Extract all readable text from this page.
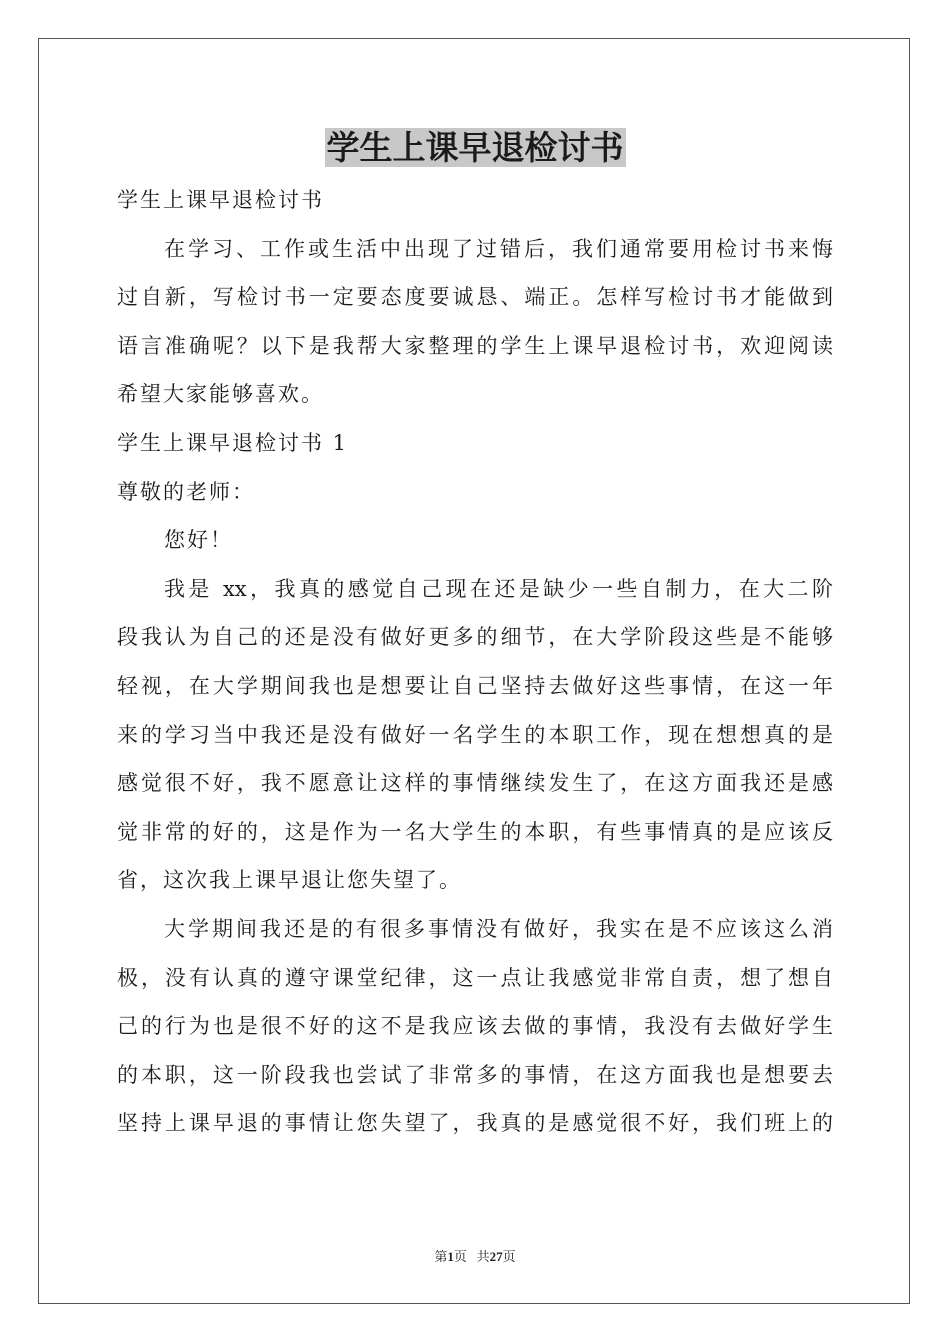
学生上课早退检讨书

学生上课早退检讨书

在学习、工作或生活中出现了过错后，我们通常要用检讨书来悔

过自新，写检讨书一定要态度要诚恳、端正。怎样写检讨书才能做到

语言准确呢？以下是我帮大家整理的学生上课早退检讨书，欢迎阅读

希望大家能够喜欢。

学生上课早退检讨书 1

尊敬的老师：

您好！

我是 xx，我真的感觉自己现在还是缺少一些自制力，在大二阶

段我认为自己的还是没有做好更多的细节，在大学阶段这些是不能够

轻视，在大学期间我也是想要让自己坚持去做好这些事情，在这一年

来的学习当中我还是没有做好一名学生的本职工作，现在想想真的是

感觉很不好，我不愿意让这样的事情继续发生了，在这方面我还是感

觉非常的好的，这是作为一名大学生的本职，有些事情真的是应该反

省，这次我上课早退让您失望了。

大学期间我还是的有很多事情没有做好，我实在是不应该这么消

极，没有认真的遵守课堂纪律，这一点让我感觉非常自责，想了想自

己的行为也是很不好的这不是我应该去做的事情，我没有去做好学生

的本职，这一阶段我也尝试了非常多的事情，在这方面我也是想要去

坚持上课早退的事情让您失望了，我真的是感觉很不好，我们班上的

第1页 共27页
